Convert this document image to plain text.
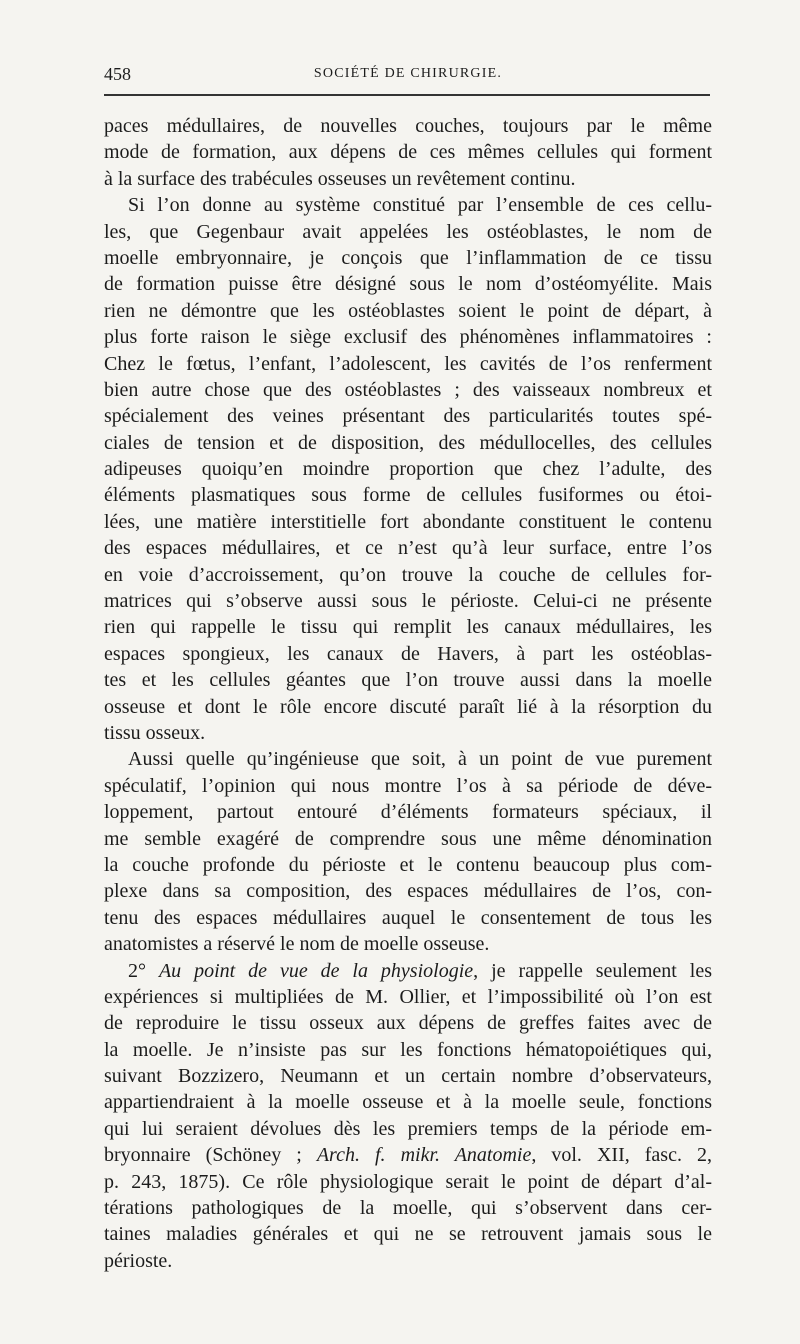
458	SOCIÉTÉ DE CHIRURGIE.
paces médullaires, de nouvelles couches, toujours par le même
mode de formation, aux dépens de ces mêmes cellules qui forment
à la surface des trabécules osseuses un revêtement continu.
Si l’on donne au système constitué par l’ensemble de ces cellu-
les, que Gegenbaur avait appelées les ostéoblastes, le nom de
moelle embryonnaire, je conçois que l’inflammation de ce tissu
de formation puisse être désigné sous le nom d’ostéomyélite. Mais
rien ne démontre que les ostéoblastes soient le point de départ, à
plus forte raison le siège exclusif des phénomènes inflammatoires :
Chez le fœtus, l’enfant, l’adolescent, les cavités de l’os renferment
bien autre chose que des ostéoblastes ; des vaisseaux nombreux et
spécialement des veines présentant des particularités toutes spé-
ciales de tension et de disposition, des médullocelles, des cellules
adipeuses quoiqu’en moindre proportion que chez l’adulte, des
éléments plasmatiques sous forme de cellules fusiformes ou étoi-
lées, une matière interstitielle fort abondante constituent le contenu
des espaces médullaires, et ce n’est qu’à leur surface, entre l’os
en voie d’accroissement, qu’on trouve la couche de cellules for-
matrices qui s’observe aussi sous le périoste. Celui-ci ne présente
rien qui rappelle le tissu qui remplit les canaux médullaires, les
espaces spongieux, les canaux de Havers, à part les ostéoblas-
tes et les cellules géantes que l’on trouve aussi dans la moelle
osseuse et dont le rôle encore discuté paraît lié à la résorption du
tissu osseux.
Aussi quelle qu’ingénieuse que soit, à un point de vue purement
spéculatif, l’opinion qui nous montre l’os à sa période de déve-
loppement, partout entouré d’éléments formateurs spéciaux, il
me semble exagéré de comprendre sous une même dénomination
la couche profonde du périoste et le contenu beaucoup plus com-
plexe dans sa composition, des espaces médullaires de l’os, con-
tenu des espaces médullaires auquel le consentement de tous les
anatomistes a réservé le nom de moelle osseuse.
2° Au point de vue de la physiologie, je rappelle seulement les
expériences si multipliées de M. Ollier, et l’impossibilité où l’on est
de reproduire le tissu osseux aux dépens de greffes faites avec de
la moelle. Je n’insiste pas sur les fonctions hématopoiétiques qui,
suivant Bozzizero, Neumann et un certain nombre d’observateurs,
appartiendraient à la moelle osseuse et à la moelle seule, fonctions
qui lui seraient dévolues dès les premiers temps de la période em-
bryonnaire (Schöney ; Arch. f. mikr. Anatomie, vol. XII, fasc. 2,
p. 243, 1875). Ce rôle physiologique serait le point de départ d’al-
térations pathologiques de la moelle, qui s’observent dans cer-
taines maladies générales et qui ne se retrouvent jamais sous le
périoste.
